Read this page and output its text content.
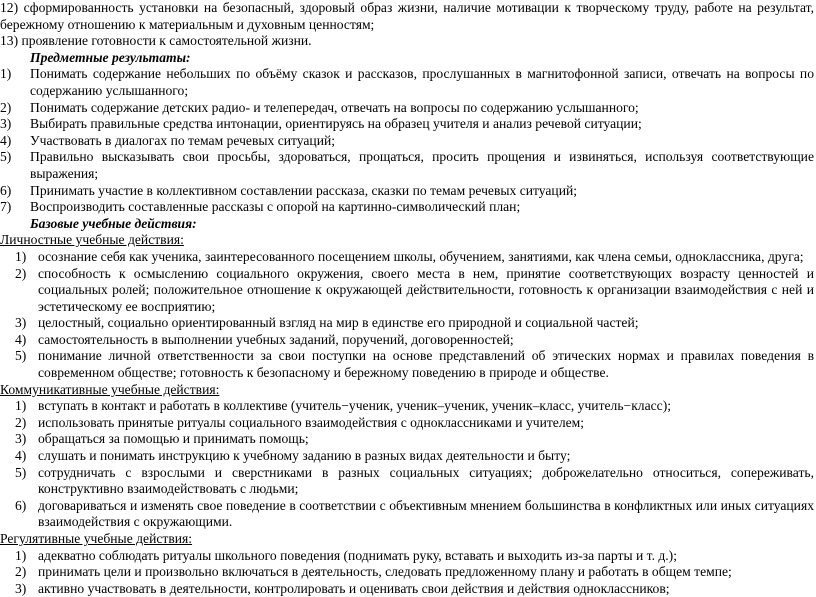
12) сформированность установки на безопасный, здоровый образ жизни, наличие мотивации к творческому труду, работе на результат, бережному отношению к материальным и духовным ценностям;
13) проявление готовности к самостоятельной жизни.
Предметные результаты:
1) Понимать содержание небольших по объёму сказок и рассказов, прослушанных в магнитофонной записи, отвечать на вопросы по содержанию услышанного;
2) Понимать содержание детских радио- и телепередач, отвечать на вопросы по содержанию услышанного;
3) Выбирать правильные средства интонации, ориентируясь на образец учителя и анализ речевой ситуации;
4) Участвовать в диалогах по темам речевых ситуаций;
5) Правильно высказывать свои просьбы, здороваться, прощаться, просить прощения и извиняться, используя соответствующие выражения;
6) Принимать участие в коллективном составлении рассказа, сказки по темам речевых ситуаций;
7) Воспроизводить составленные рассказы с опорой на картинно-символический план;
Базовые учебные действия:
Личностные учебные действия:
1) осознание себя как ученика, заинтересованного посещением школы, обучением, занятиями, как члена семьи, одноклассника, друга;
2) способность к осмыслению социального окружения, своего места в нем, принятие соответствующих возрасту ценностей и социальных ролей; положительное отношение к окружающей действительности, готовность к организации взаимодействия с ней и эстетическому ее восприятию;
3) целостный, социально ориентированный взгляд на мир в единстве его природной и социальной частей;
4) самостоятельность в выполнении учебных заданий, поручений, договоренностей;
5) понимание личной ответственности за свои поступки на основе представлений об этических нормах и правилах поведения в современном обществе; готовность к безопасному и бережному поведению в природе и обществе.
Коммуникативные учебные действия:
1) вступать в контакт и работать в коллективе (учитель−ученик, ученик–ученик, ученик–класс, учитель−класс);
2) использовать принятые ритуалы социального взаимодействия с одноклассниками и учителем;
3) обращаться за помощью и принимать помощь;
4) слушать и понимать инструкцию к учебному заданию в разных видах деятельности и быту;
5) сотрудничать с взрослыми и сверстниками в разных социальных ситуациях; доброжелательно относиться, сопереживать, конструктивно взаимодействовать с людьми;
6) договариваться и изменять свое поведение в соответствии с объективным мнением большинства в конфликтных или иных ситуациях взаимодействия с окружающими.
Регулятивные учебные действия:
1) адекватно соблюдать ритуалы школьного поведения (поднимать руку, вставать и выходить из-за парты и т. д.);
2) принимать цели и произвольно включаться в деятельность, следовать предложенному плану и работать в общем темпе;
3) активно участвовать в деятельности, контролировать и оценивать свои действия и действия одноклассников;
